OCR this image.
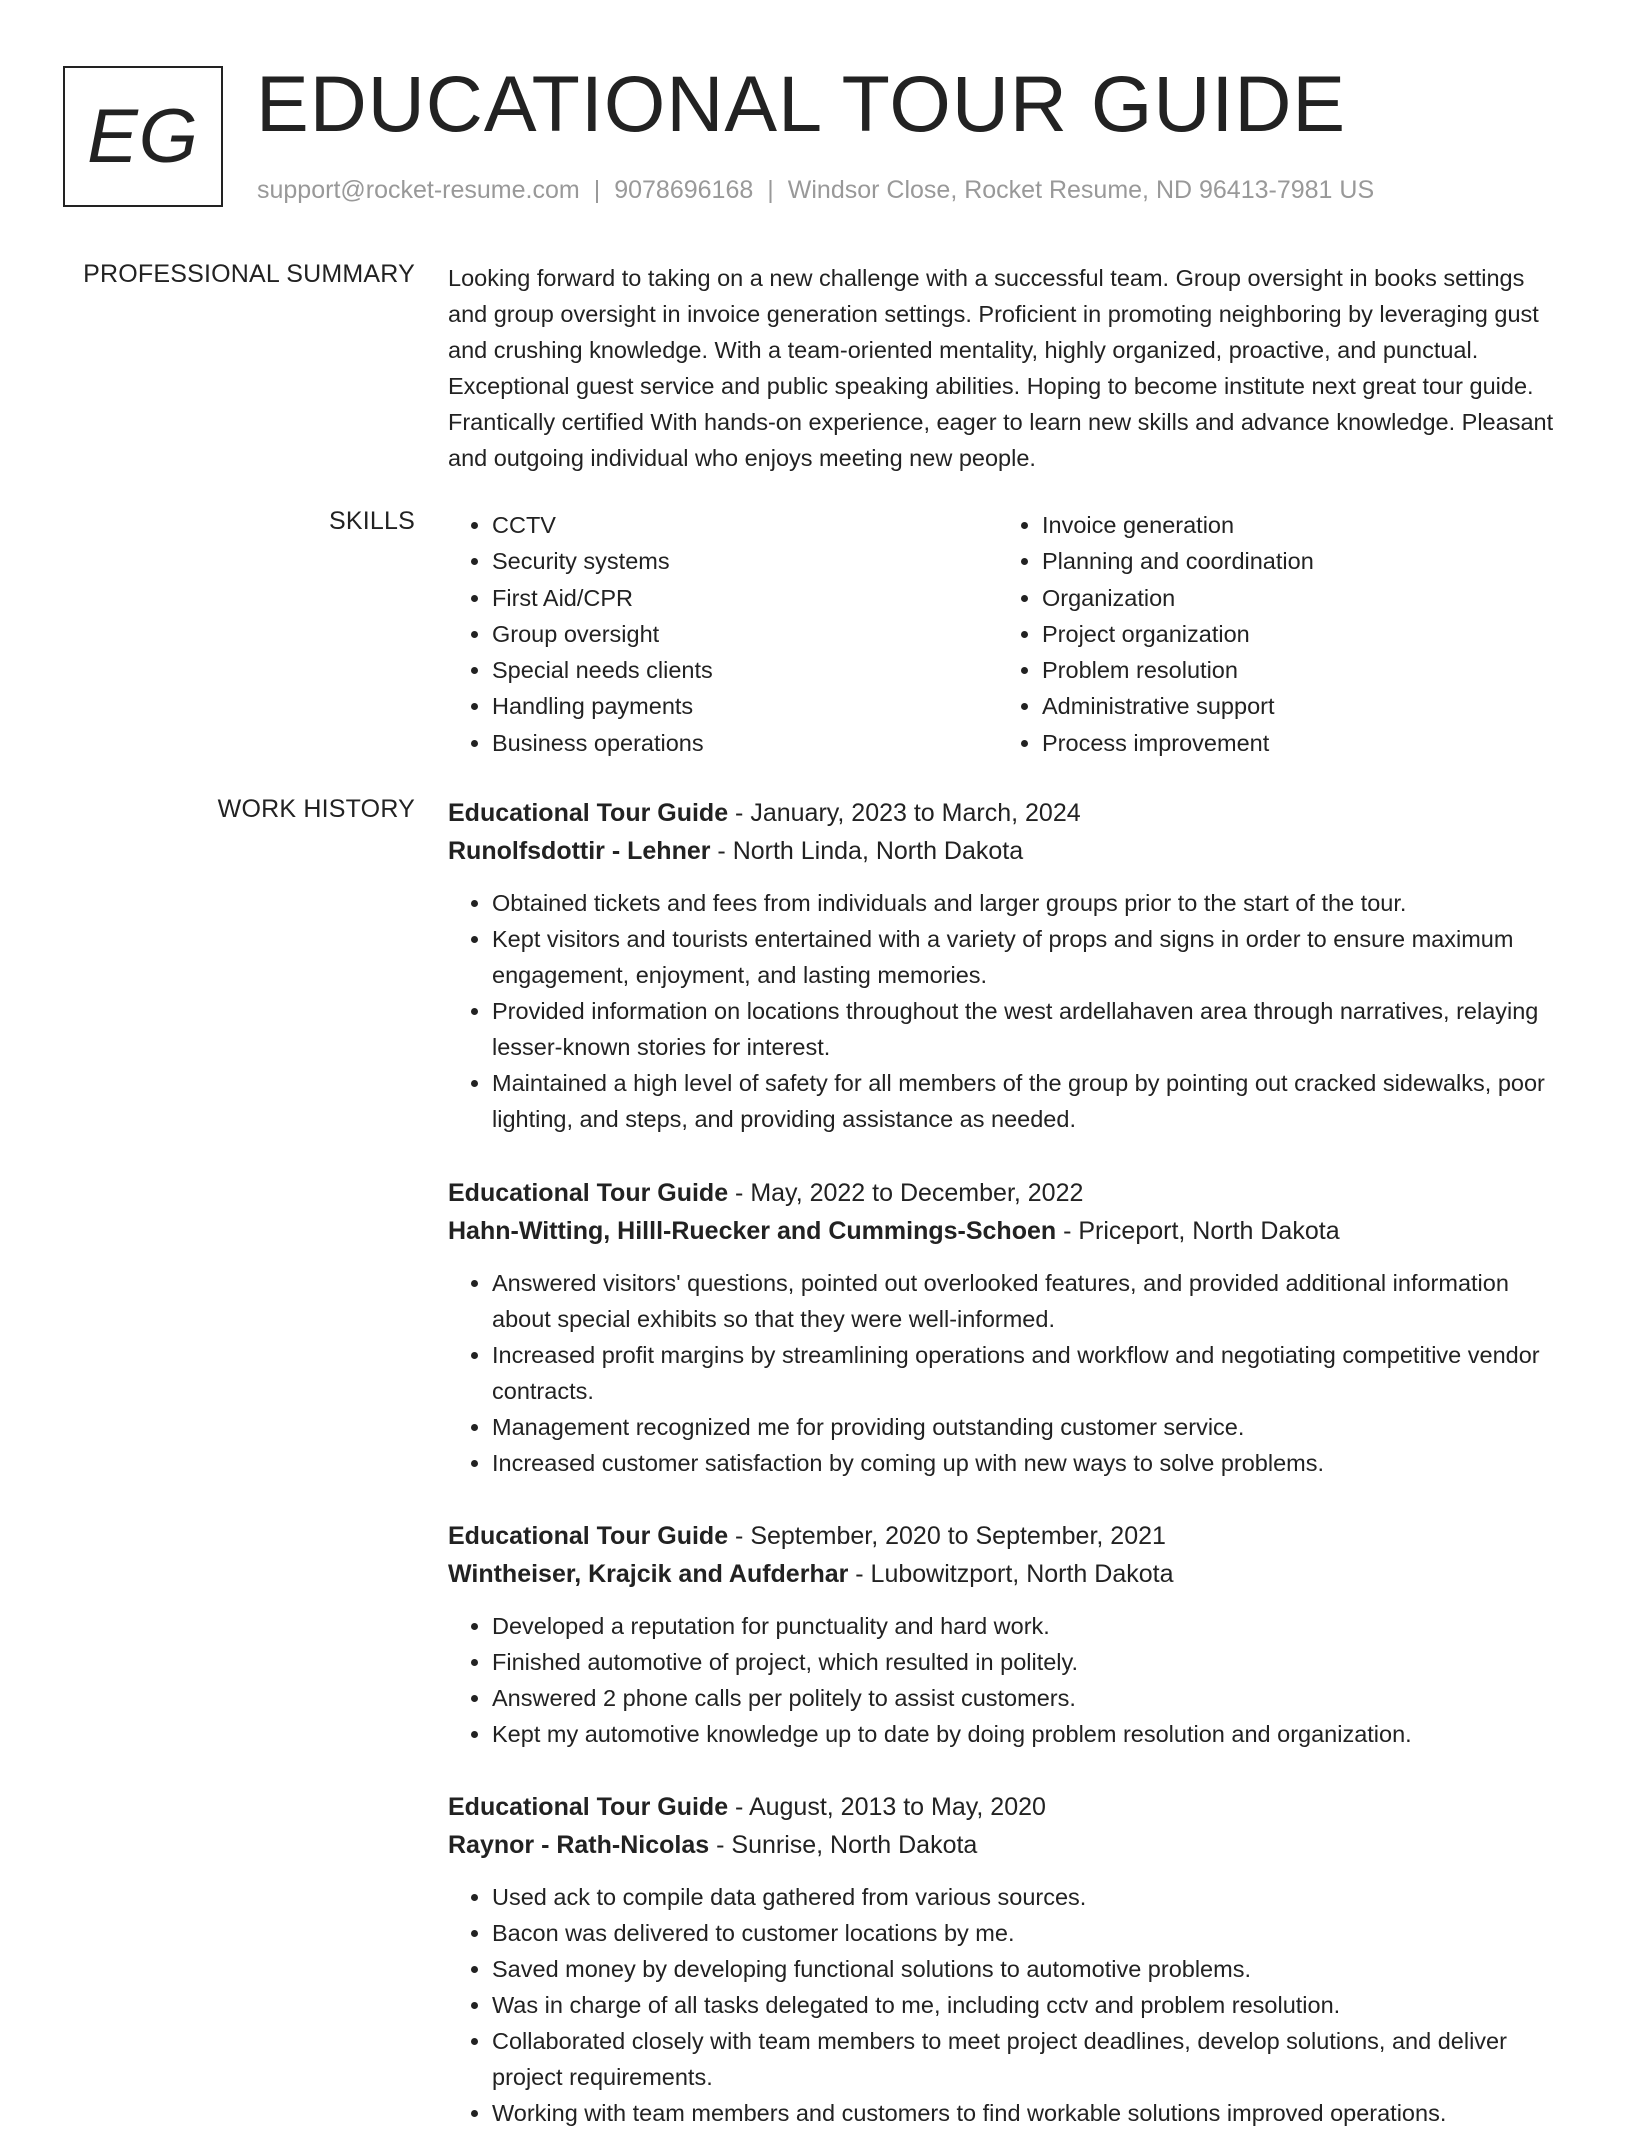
EG EDUCATIONAL TOUR GUIDE
support@rocket-resume.com | 9078696168 | Windsor Close, Rocket Resume, ND 96413-7981 US
PROFESSIONAL SUMMARY Looking forward to taking on a new challenge with a successful team. Group oversight in books settings and group oversight in invoice generation settings. Proficient in promoting neighboring by leveraging gust and crushing knowledge. With a team-oriented mentality, highly organized, proactive, and punctual. Exceptional guest service and public speaking abilities. Hoping to become institute next great tour guide. Frantically certified With hands-on experience, eager to learn new skills and advance knowledge. Pleasant and outgoing individual who enjoys meeting new people.
SKILLS
•	CCTV
• Security systems
• First Aid/CPR
• Group oversight
• Special needs clients
• Handling payments
• Business operations
• Invoice generation
• Planning and coordination
• Organization
• Project organization
• Problem resolution
• Administrative support
• Process improvement
WORK HISTORY Educational Tour Guide - January, 2023 to March, 2024
Runolfsdottir - Lehner - North Linda, North Dakota
• Obtained tickets and fees from individuals and larger groups prior to the start of the tour.
• Kept visitors and tourists entertained with a variety of props and signs in order to ensure maximum engagement, enjoyment, and lasting memories.
• Provided information on locations throughout the west ardellahaven area through narratives, relaying lesser-known stories for interest.
• Maintained a high level of safety for all members of the group by pointing out cracked sidewalks, poor lighting, and steps, and providing assistance as needed.
Educational Tour Guide - May, 2022 to December, 2022
Hahn-Witting, Hilll-Ruecker and Cummings-Schoen - Priceport, North Dakota
• Answered visitors' questions, pointed out overlooked features, and provided additional information about special exhibits so that they were well-informed.
• Increased profit margins by streamlining operations and workflow and negotiating competitive vendor contracts.
• Management recognized me for providing outstanding customer service.
• Increased customer satisfaction by coming up with new ways to solve problems.
Educational Tour Guide - September, 2020 to September, 2021
Wintheiser, Krajcik and Aufderhar - Lubowitzport, North Dakota
• Developed a reputation for punctuality and hard work.
• Finished automotive of project, which resulted in politely.
• Answered 2 phone calls per politely to assist customers.
• Kept my automotive knowledge up to date by doing problem resolution and organization.
Educational Tour Guide - August, 2013 to May, 2020
Raynor - Rath-Nicolas - Sunrise, North Dakota
• Used ack to compile data gathered from various sources.
• Bacon was delivered to customer locations by me.
• Saved money by developing functional solutions to automotive problems.
• Was in charge of all tasks delegated to me, including cctv and problem resolution.
• Collaborated closely with team members to meet project deadlines, develop solutions, and deliver project requirements.
• Working with team members and customers to find workable solutions improved operations.
